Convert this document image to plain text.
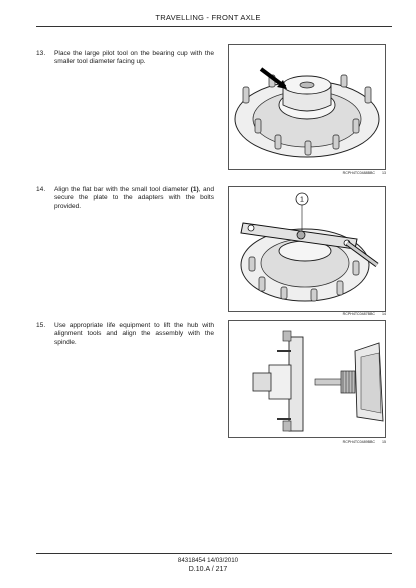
TRAVELLING - FRONT AXLE
13. Place the large pilot tool on the bearing cup with the smaller tool diameter facing up.
RCPH4TC0488BBC 13
14. Align the flat bar with the small tool diameter (1), and secure the plate to the adapters with the bolts provided.
1
RCPH4TC0487BBC 14
15. Use appropriate life equipment to lift the hub with alignment tools and align the assembly with the spindle.
RCPH4TC0489BBC 15
84318454 14/03/2010
D.10.A / 217
